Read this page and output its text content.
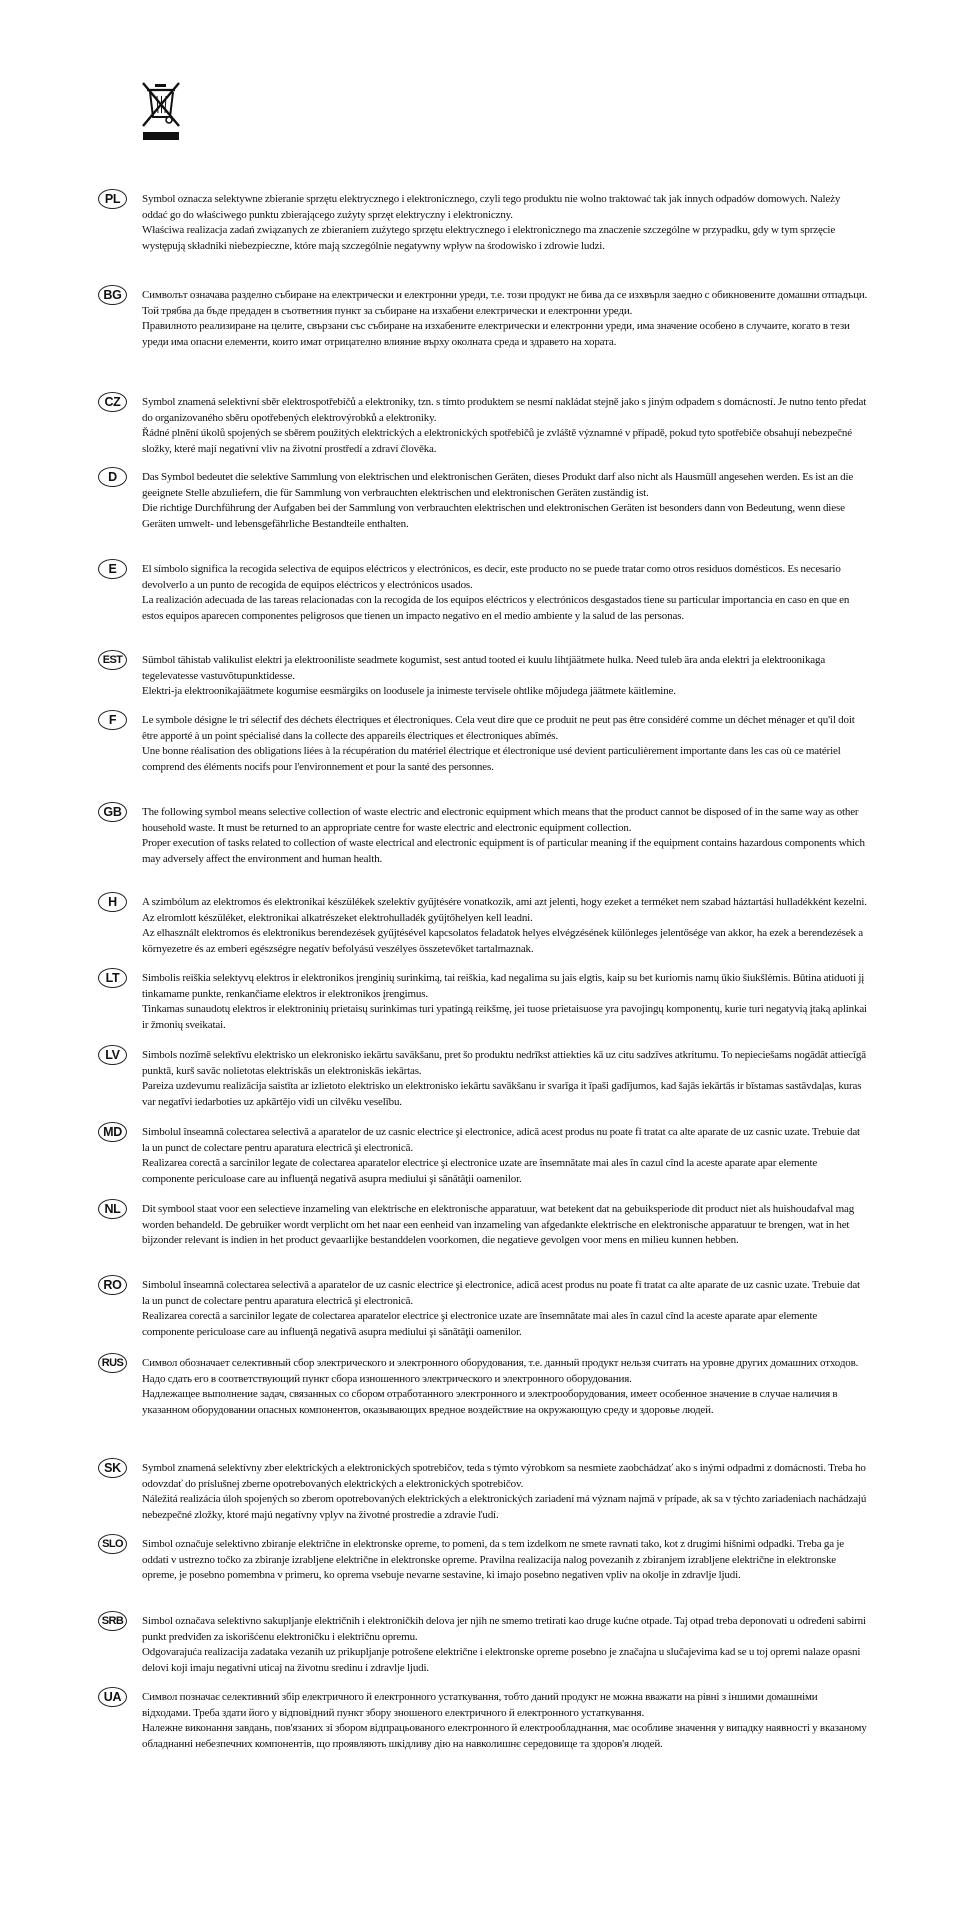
PL	Symbol oznacza selektywne zbieranie sprzętu elektrycznego i elektronicznego, czyli tego produktu nie wolno traktować tak jak innych odpadów domowych. Należy oddać go do właściwego punktu zbierającego zużyty sprzęt elektryczny i elektroniczny.

Właściwa realizacja zadań związanych ze zbieraniem zużytego sprzętu elektrycznego i elektronicznego ma znaczenie szczególne w przypadku, gdy w tym sprzęcie występują składniki niebezpieczne, które mają szczególnie negatywny wpływ na środowisko i zdrowie ludzi.

BG	Символът означава разделно събиране на електрически и електронни уреди, т.е. този продукт не бива да се изхвърля заедно с обикновените домашни отпадъци. Той трябва да бъде предаден в съответния пункт за събиране на изхабени електрически и електронни уреди.

Правилното реализиране на целите, свързани със събиране на изхабените електрически и електронни уреди, има значение особено в случаите, когато в тези уреди има опасни елементи, които имат отрицателно влияние върху околната среда и здравето на хората.

CZ	Symbol znamená selektivní sběr elektrospotřebičů a elektroniky, tzn. s tímto produktem se nesmí nakládat stejně jako s jiným odpadem s domácností. Je nutno tento předat do organizovaného sběru opotřebených elektrovýrobků a elektroniky.

Řádné plnění úkolů spojených se sběrem použitých elektrických a elektronických spotřebičů je zvláště významné v případě, pokud tyto spotřebiče obsahují nebezpečné složky, které mají negativní vliv na životní prostředí a zdraví člověka.

D	Das Symbol bedeutet die selektive Sammlung von elektrischen und elektronischen Geräten, dieses Produkt darf also nicht als Hausmüll angesehen werden. Es ist an die geeignete Stelle abzuliefern, die für Sammlung von verbrauchten elektrischen und elektronischen Geräten zuständig ist.

Die richtige Durchführung der Aufgaben bei der Sammlung von verbrauchten elektrischen und elektronischen Geräten ist besonders dann von Bedeutung, wenn diese Geräten umwelt- und lebensgefährliche Bestandteile enthalten.

E	El símbolo significa la recogida selectiva de equipos eléctricos y electrónicos, es decir, este producto no se puede tratar como otros residuos domésticos. Es necesario devolverlo a un punto de recogida de equipos eléctricos y electrónicos usados.

La realización adecuada de las tareas relacionadas con la recogida de los equipos eléctricos y electrónicos desgastados tiene su particular importancia en caso en que en estos equipos aparecen componentes peligrosos que tienen un impacto negativo en el medio ambiente y la salud de las personas.

EST	Sümbol tähistab valikulist elektri ja elektrooniliste seadmete kogumist, sest antud tooted ei kuulu lihtjäätmete hulka. Need tuleb ära anda elektri ja elektroonikaga tegelevatesse vastuvõtupunktidesse.

Elektri-ja elektroonikajäätmete kogumise eesmärgiks on loodusele ja inimeste tervisele ohtlike mõjudega jäätmete käitlemine.

F	Le symbole désigne le tri sélectif des déchets électriques et électroniques. Cela veut dire que ce produit ne peut pas être considéré comme un déchet ménager et qu'il doit être apporté à un point spécialisé dans la collecte des appareils électriques et électroniques abîmés.

Une bonne réalisation des obligations liées à la récupération du matériel électrique et électronique usé devient particulièrement importante dans les cas où ce matériel comprend des éléments nocifs pour l'environnement et pour la santé des personnes.

GB	The following symbol means selective collection of waste electric and electronic equipment which means that the product cannot be disposed of in the same way as other household waste. It must be returned to an appropriate centre for waste electric and electronic equipment collection.

Proper execution of tasks related to collection of waste electrical and electronic equipment is of particular meaning if the equipment contains hazardous components which may adversely affect the environment and human health.

H	A szimbólum az elektromos és elektronikai készülékek szelektív gyűjtésére vonatkozik, ami azt jelenti, hogy ezeket a terméket nem szabad háztartási hulladékként kezelni. Az elromlott készüléket, elektronikai alkatrészeket elektrohulladék gyűjtőhelyen kell leadni.

Az elhasznált elektromos és elektronikus berendezések gyűjtésével kapcsolatos feladatok helyes elvégzésének különleges jelentősége van akkor, ha ezek a berendezések a környezetre és az emberi egészségre negatív befolyású veszélyes összetevőket tartalmaznak.

LT	Simbolis reiškia selektyvų elektros ir elektronikos įrenginių surinkimą, tai reiškia, kad negalima su jais elgtis, kaip su bet kuriomis namų ūkio šiukšlėmis. Būtina atiduoti jį tinkamame punkte, renkančiame elektros ir elektronikos įrengimus.

Tinkamas sunaudotų elektros ir elektroninių prietaisų surinkimas turi ypatingą reikšmę, jei tuose prietaisuose yra pavojingų komponentų, kurie turi negatyvią įtaką aplinkai ir žmonių sveikatai.

LV	Simbols nozīmē selektīvu elektrisko un elekronisko iekārtu savākšanu, pret šo produktu nedrīkst attiekties kā uz citu sadzīves atkritumu. To nepieciešams nogādāt attiecīgā punktā, kurš savāc nolietotas elektriskās un elektroniskās iekārtas.

Pareiza uzdevumu realizācija saistīta ar izlietoto elektrisko un elektronisko iekārtu savākšanu ir svarīga it īpaši gadījumos, kad šajās iekārtās ir bīstamas sastāvdaļas, kuras var negatīvi iedarboties uz apkārtējo vidi un cilvēku veselību.

MD	Simbolul înseamnă colectarea selectivă a aparatelor de uz casnic electrice şi electronice, adică acest produs nu poate fi tratat ca alte aparate de uz casnic uzate. Trebuie dat la un punct de colectare pentru aparatura electrică şi electronică.

Realizarea corectă a sarcinilor legate de colectarea aparatelor electrice şi electronice uzate are însemnătate mai ales în cazul cînd la aceste aparate apar elemente componente periculoase care au influenţă negativă asupra mediului şi sănătăţii oamenilor.

NL	Dit symbool staat voor een selectieve inzameling van elektrische en elektronische apparatuur, wat betekent dat na gebuiksperiode dit product niet als huishoudafval mag worden behandeld. De gebruiker wordt verplicht om het naar een eenheid van inzameling van afgedankte elektrische en elektronische apparatuur te brengen, wat in het bijzonder relevant is indien in het product gevaarlijke bestanddelen voorkomen, die negatieve gevolgen voor mens en milieu kunnen hebben.

RO	Simbolul înseamnă colectarea selectivă a aparatelor de uz casnic electrice şi electronice, adică acest produs nu poate fi tratat ca alte aparate de uz casnic uzate. Trebuie dat la un punct de colectare pentru aparatura electrică şi electronică.

Realizarea corectă a sarcinilor legate de colectarea aparatelor electrice şi electronice uzate are însemnătate mai ales în cazul cînd la aceste aparate apar elemente componente periculoase care au influenţă negativă asupra mediului şi sănătăţii oamenilor.

RUS	Символ обозначает селективный сбор электрического и электронного оборудования, т.е. данный продукт нельзя считать на уровне других домашних отходов. Надо сдать его в соответствующий пункт сбора изношенного электрического и электронного оборудования.

Надлежащее выполнение задач, связанных со сбором отработанного электронного и электрооборудования, имеет особенное значение в случае наличия в указанном оборудовании опасных компонентов, оказывающих вредное воздействие на окружающую среду и здоровье людей.

SK	Symbol znamená selektívny zber elektrických a elektronických spotrebičov, teda s týmto výrobkom sa nesmiete zaobchádzať ako s inými odpadmi z domácnosti. Treba ho odovzdať do príslušnej zberne opotrebovaných elektrických a elektronických spotrebičov.

Náležitá realizácia úloh spojených so zberom opotrebovaných elektrických a elektronických zariadení má význam najmä v prípade, ak sa v týchto zariadeniach nachádzajú nebezpečné zložky, ktoré majú negatívny vplyv na životné prostredie a zdravie ľudí.

SLO	Simbol označuje selektivno zbiranje električne in elektronske opreme, to pomeni, da s tem izdelkom ne smete ravnati tako, kot z drugimi hišnimi odpadki. Treba ga je oddati v ustrezno točko za zbiranje izrabljene električne in elektronske opreme. Pravilna realizacija nalog povezanih z zbiranjem izrabljene električne in elektronske opreme, je posebno pomembna v primeru, ko oprema vsebuje nevarne sestavine, ki imajo posebno negativen vpliv na okolje in zdravlje ljudi.

SRB	Simbol označava selektivno sakupljanje električnih i elektroničkih delova jer njih ne smemo tretirati kao druge kućne otpade. Taj otpad treba deponovati u određeni sabirni punkt predviđen za iskorišćenu elektroničku i električnu opremu.

Odgovarajuća realizacija zadataka vezanih uz prikupljanje potrošene električne i elektronske opreme posebno je značajna u slučajevima kad se u toj opremi nalaze opasni delovi koji imaju negativni uticaj na životnu sredinu i zdravlje ljudi.

UA	Символ позначає селективний збір електричного й електронного устаткування, тобто даний продукт не можна вважати на рівні з іншими домашніми відходами. Треба здати його у відповідний пункт збору зношеного електричного й електронного устаткування.

Належне виконання завдань, пов'язаних зі збором відпрацьованого електронного й електрообладнання, має особливе значення у випадку наявності у вказаному обладнанні небезпечних компонентів, що проявляють шкідливу дію на навколишнє середовище та здоров'я людей.
